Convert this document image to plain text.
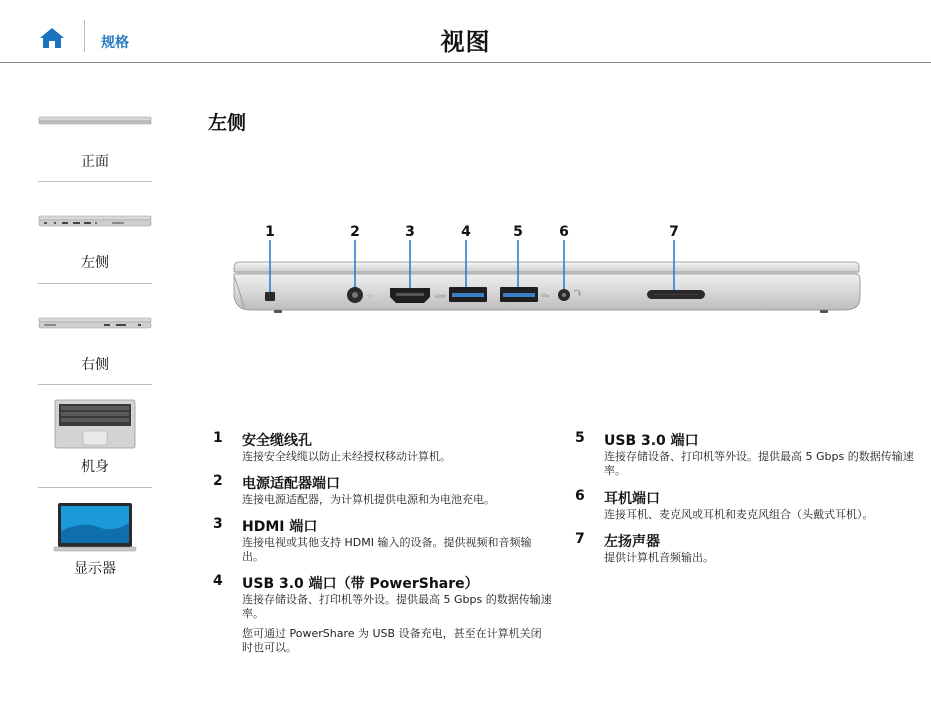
规格	视图
正面
左侧
右侧
机身
显示器
左侧
-○-	HDMI	SS⇆
1	2	3	4	5	6	7
1 安全缆线孔
连接安全线缆以防止未经授权移动计算机。
2 电源适配器端口
连接电源适配器，为计算机提供电源和为电池充电。
3 HDMI 端口
连接电视或其他支持 HDMI 输入的设备。提供视频和音频输出。
4 USB 3.0 端口（带 PowerShare）
连接存储设备、打印机等外设。提供最高 5 Gbps 的数据传输速率。
您可通过 PowerShare 为 USB 设备充电，甚至在计算机关闭时也可以。
5 USB 3.0 端口
连接存储设备、打印机等外设。提供最高 5 Gbps 的数据传输速率。
6 耳机端口
连接耳机、麦克风或耳机和麦克风组合（头戴式耳机）。
7 左扬声器
提供计算机音频输出。
